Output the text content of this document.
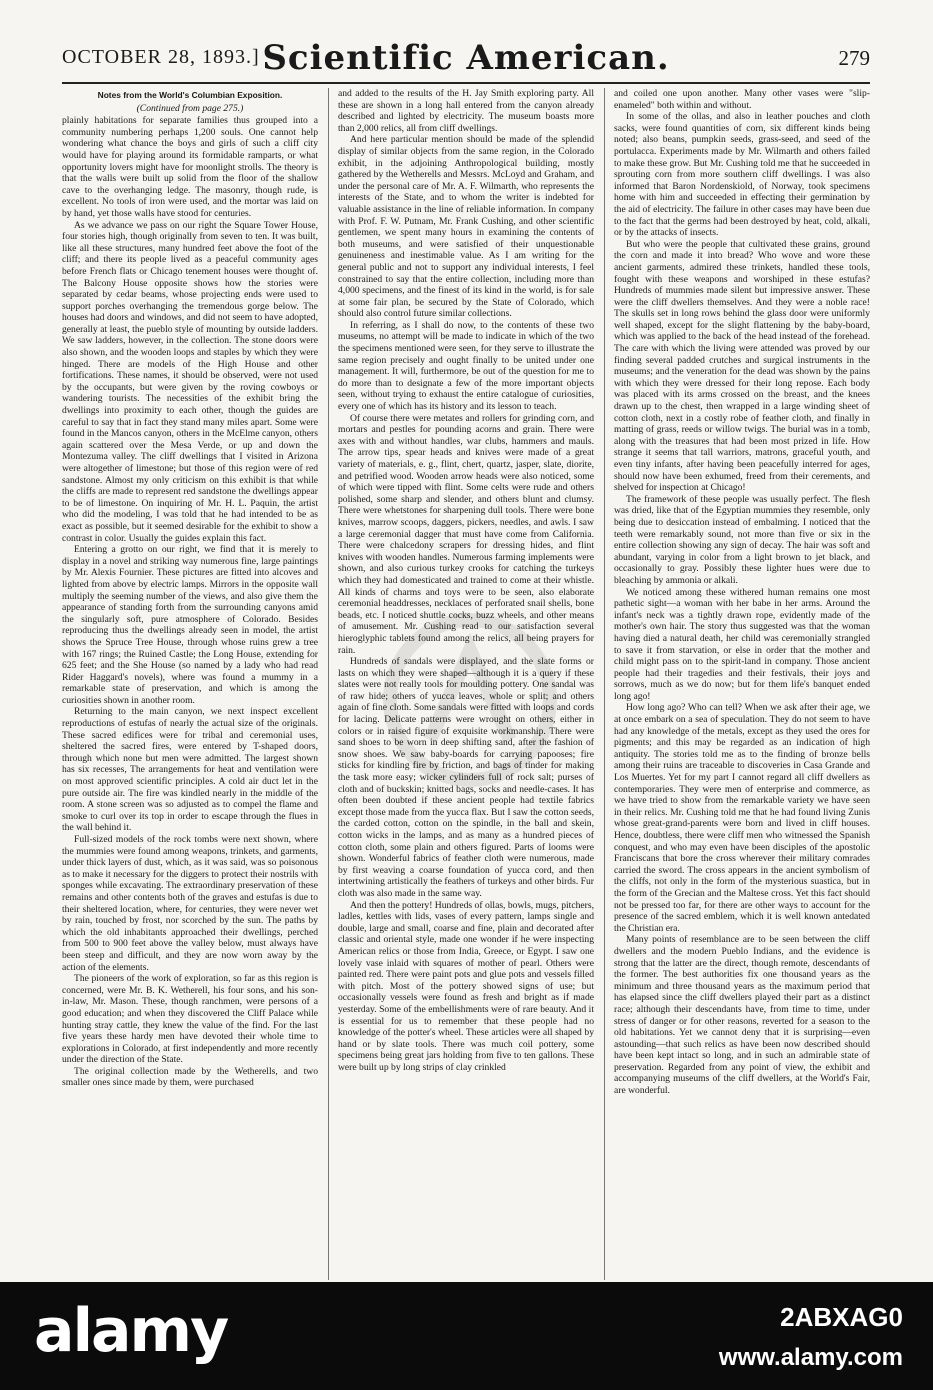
OCTOBER 28, 1893.] Scientific American.	279
Notes from the World's Columbian Exposition.
(Continued from page 275.)

plainly habitations for separate families thus grouped into a community numbering perhaps 1,200 souls. One cannot help wondering what chance the boys and girls of such a cliff city would have for playing around its formidable ramparts, or what opportunity lovers might have for moonlight strolls. The theory is that the walls were built up solid from the floor of the shallow cave to the overhanging ledge. The masonry, though rude, is excellent. No tools of iron were used, and the mortar was laid on by hand, yet those walls have stood for centuries.

As we advance we pass on our right the Square Tower House, four stories high, though originally from seven to ten. It was built, like all these structures, many hundred feet above the foot of the cliff; and there its people lived as a peaceful community ages before French flats or Chicago tenement houses were thought of. The Balcony House opposite shows how the stories were separated by cedar beams, whose projecting ends were used to support porches overhanging the tremendous gorge below. The houses had doors and windows, and did not seem to have adopted, generally at least, the pueblo style of mounting by outside ladders. We saw ladders, however, in the collection. The stone doors were also shown, and the wooden loops and staples by which they were hinged. There are models of the High House and other fortifications. These names, it should be observed, were not used by the occupants, but were given by the roving cowboys or wandering tourists. The necessities of the exhibit bring the dwellings into proximity to each other, though the guides are careful to say that in fact they stand many miles apart. Some were found in the Mancos canyon, others in the McElme canyon, others again scattered over the Mesa Verde, or up and down the Montezuma valley. The cliff dwellings that I visited in Arizona were altogether of limestone; but those of this region were of red sandstone. Almost my only criticism on this exhibit is that while the cliffs are made to represent red sandstone the dwellings appear to be of limestone. On inquiring of Mr. H. L. Paquin, the artist who did the modeling, I was told that he had intended to be as exact as possible, but it seemed desirable for the exhibit to show a contrast in color. Usually the guides explain this fact.

Entering a grotto on our right, we find that it is merely to display in a novel and striking way numerous fine, large paintings by Mr. Alexis Fournier. These pictures are fitted into alcoves and lighted from above by electric lamps. Mirrors in the opposite wall multiply the seeming number of the views, and also give them the appearance of standing forth from the surrounding canyons amid the singularly soft, pure atmosphere of Colorado. Besides reproducing thus the dwellings already seen in model, the artist shows the Spruce Tree House, through whose ruins grew a tree with 167 rings; the Ruined Castle; the Long House, extending for 625 feet; and the She House (so named by a lady who had read Rider Haggard's novels), where was found a mummy in a remarkable state of preservation, and which is among the curiosities shown in another room.

Returning to the main canyon, we next inspect excellent reproductions of estufas of nearly the actual size of the originals. These sacred edifices were for tribal and ceremonial uses, sheltered the sacred fires, were entered by T-shaped doors, through which none but men were admitted. The largest shown has six recesses, The arrangements for heat and ventilation were on most approved scientific principles. A cold air duct let in the pure outside air. The fire was kindled nearly in the middle of the room. A stone screen was so adjusted as to compel the flame and smoke to curl over its top in order to escape through the flues in the wall behind it.

Full-sized models of the rock tombs were next shown, where the mummies were found among weapons, trinkets, and garments, under thick layers of dust, which, as it was said, was so poisonous as to make it necessary for the diggers to protect their nostrils with sponges while excavating. The extraordinary preservation of these remains and other contents both of the graves and estufas is due to their sheltered location, where, for centuries, they were never wet by rain, touched by frost, nor scorched by the sun. The paths by which the old inhabitants approached their dwellings, perched from 500 to 900 feet above the valley below, must always have been steep and difficult, and they are now worn away by the action of the elements.

The pioneers of the work of exploration, so far as this region is concerned, were Mr. B. K. Wetherell, his four sons, and his son-in-law, Mr. Mason. These, though ranchmen, were persons of a good education; and when they discovered the Cliff Palace while hunting stray cattle, they knew the value of the find. For the last five years these hardy men have devoted their whole time to explorations in Colorado, at first independently and more recently under the direction of the State.

The original collection made by the Wetherells, and two smaller ones since made by them, were purchased

and added to the results of the H. Jay Smith exploring party. All these are shown in a long hall entered from the canyon already described and lighted by electricity. The museum boasts more than 2,000 relics, all from cliff dwellings.

And here particular mention should be made of the splendid display of similar objects from the same region, in the Colorado exhibit, in the adjoining Anthropological building, mostly gathered by the Wetherells and Messrs. McLoyd and Graham, and under the personal care of Mr. A. F. Wilmarth, who represents the interests of the State, and to whom the writer is indebted for valuable assistance in the line of reliable information. In company with Prof. F. W. Putnam, Mr. Frank Cushing, and other scientific gentlemen, we spent many hours in examining the contents of both museums, and were satisfied of their unquestionable genuineness and inestimable value. As I am writing for the general public and not to support any individual interests, I feel constrained to say that the entire collection, including more than 4,000 specimens, and the finest of its kind in the world, is for sale at some fair plan, be secured by the State of Colorado, which should also control future similar collections.

In referring, as I shall do now, to the contents of these two museums, no attempt will be made to indicate in which of the two the specimens mentioned were seen, for they serve to illustrate the same region precisely and ought finally to be united under one management. It will, furthermore, be out of the question for me to do more than to designate a few of the more important objects seen, without trying to exhaust the entire catalogue of curiosities, every one of which has its history and its lesson to teach.

Of course there were metates and rollers for grinding corn, and mortars and pestles for pounding acorns and grain. There were axes with and without handles, war clubs, hammers and mauls. The arrow tips, spear heads and knives were made of a great variety of materials, e. g., flint, chert, quartz, jasper, slate, diorite, and petrified wood. Wooden arrow heads were also noticed, some of which were tipped with flint. Some celts were rude and others polished, some sharp and slender, and others blunt and clumsy. There were whetstones for sharpening dull tools. There were bone knives, marrow scoops, daggers, pickers, needles, and awls. I saw a large ceremonial dagger that must have come from California. There were chalcedony scrapers for dressing hides, and flint knives with wooden handles. Numerous farming implements were shown, and also curious turkey crooks for catching the turkeys which they had domesticated and trained to come at their whistle. All kinds of charms and toys were to be seen, also elaborate ceremonial headdresses, necklaces of perforated snail shells, bone beads, etc. I noticed shuttle cocks, buzz wheels, and other means of amusement. Mr. Cushing read to our satisfaction several hieroglyphic tablets found among the relics, all being prayers for rain.

Hundreds of sandals were displayed, and the slate forms or lasts on which they were shaped—although it is a query if these slates were not really tools for moulding pottery. One sandal was of raw hide; others of yucca leaves, whole or split; and others again of fine cloth. Some sandals were fitted with loops and cords for lacing. Delicate patterns were wrought on others, either in colors or in raised figure of exquisite workmanship. There were sand shoes to be worn in deep shifting sand, after the fashion of snow shoes. We saw baby-boards for carrying papooses; fire sticks for kindling fire by friction, and bags of tinder for making the task more easy; wicker cylinders full of rock salt; purses of cloth and of buckskin; knitted bags, socks and needle-cases. It has often been doubted if these ancient people had textile fabrics except those made from the yucca flax. But I saw the cotton seeds, the carded cotton, cotton on the spindle, in the ball and skein, cotton wicks in the lamps, and as many as a hundred pieces of cotton cloth, some plain and others figured. Parts of looms were shown. Wonderful fabrics of feather cloth were numerous, made by first weaving a coarse foundation of yucca cord, and then intertwining artistically the feathers of turkeys and other birds. Fur cloth was also made in the same way.

And then the pottery! Hundreds of ollas, bowls, mugs, pitchers, ladles, kettles with lids, vases of every pattern, lamps single and double, large and small, coarse and fine, plain and decorated after classic and oriental style, made one wonder if he were inspecting American relics or those from India, Greece, or Egypt. I saw one lovely vase inlaid with squares of mother of pearl. Others were painted red. There were paint pots and glue pots and vessels filled with pitch. Most of the pottery showed signs of use; but occasionally vessels were found as fresh and bright as if made yesterday. Some of the embellishments were of rare beauty. And it is essential for us to remember that these people had no knowledge of the potter's wheel. These articles were all shaped by hand or by slate tools. There was much coil pottery, some specimens being great jars holding from five to ten gallons. These were built up by long strips of clay crinkled

and coiled one upon another. Many other vases were "slip-enameled" both within and without.

In some of the ollas, and also in leather pouches and cloth sacks, were found quantities of corn, six different kinds being noted; also beans, pumpkin seeds, grass-seed, and seed of the portulacca. Experiments made by Mr. Wilmarth and others failed to make these grow. But Mr. Cushing told me that he succeeded in sprouting corn from more southern cliff dwellings. I was also informed that Baron Nordenskiold, of Norway, took specimens home with him and succeeded in effecting their germination by the aid of electricity. The failure in other cases may have been due to the fact that the germs had been destroyed by heat, cold, alkali, or by the attacks of insects.

But who were the people that cultivated these grains, ground the corn and made it into bread? Who wove and wore these ancient garments, admired these trinkets, handled these tools, fought with these weapons and worshiped in these estufas? Hundreds of mummies made silent but impressive answer. These were the cliff dwellers themselves. And they were a noble race! The skulls set in long rows behind the glass door were uniformly well shaped, except for the slight flattening by the baby-board, which was applied to the back of the head instead of the forehead. The care with which the living were attended was proved by our finding several padded crutches and surgical instruments in the museums; and the veneration for the dead was shown by the pains with which they were dressed for their long repose. Each body was placed with its arms crossed on the breast, and the knees drawn up to the chest, then wrapped in a large winding sheet of cotton cloth, next in a costly robe of feather cloth, and finally in matting of grass, reeds or willow twigs. The burial was in a tomb, along with the treasures that had been most prized in life. How strange it seems that tall warriors, matrons, graceful youth, and even tiny infants, after having been peacefully interred for ages, should now have been exhumed, freed from their cerements, and shelved for inspection at Chicago!

The framework of these people was usually perfect. The flesh was dried, like that of the Egyptian mummies they resemble, only being due to desiccation instead of embalming. I noticed that the teeth were remarkably sound, not more than five or six in the entire collection showing any sign of decay. The hair was soft and abundant, varying in color from a light brown to jet black, and occasionally to gray. Possibly these lighter hues were due to bleaching by ammonia or alkali.

We noticed among these withered human remains one most pathetic sight—a woman with her babe in her arms. Around the infant's neck was a tightly drawn rope, evidently made of the mother's own hair. The story thus suggested was that the woman having died a natural death, her child was ceremonially strangled to save it from starvation, or else in order that the mother and child might pass on to the spirit-land in company. Those ancient people had their tragedies and their festivals, their joys and sorrows, much as we do now; but for them life's banquet ended long ago!

How long ago? Who can tell? When we ask after their age, we at once embark on a sea of speculation. They do not seem to have had any knowledge of the metals, except as they used the ores for pigments; and this may be regarded as an indication of high antiquity. The stories told me as to the finding of bronze bells among their ruins are traceable to discoveries in Casa Grande and Los Muertes. Yet for my part I cannot regard all cliff dwellers as contemporaries. They were men of enterprise and commerce, as we have tried to show from the remarkable variety we have seen in their relics. Mr. Cushing told me that he had found living Zunis whose great-grand-parents were born and lived in cliff houses. Hence, doubtless, there were cliff men who witnessed the Spanish conquest, and who may even have been disciples of the apostolic Franciscans that bore the cross wherever their military comrades carried the sword. The cross appears in the ancient symbolism of the cliffs, not only in the form of the mysterious suastica, but in the form of the Grecian and the Maltese cross. Yet this fact should not be pressed too far, for there are other ways to account for the presence of the sacred emblem, which it is well known antedated the Christian era.

Many points of resemblance are to be seen between the cliff dwellers and the modern Pueblo Indians, and the evidence is strong that the latter are the direct, though remote, descendants of the former. The best authorities fix one thousand years as the minimum and three thousand years as the maximum period that has elapsed since the cliff dwellers played their part as a distinct race; although their descendants have, from time to time, under stress of danger or for other reasons, reverted for a season to the old habitations. Yet we cannot deny that it is surprising—even astounding—that such relics as have been now described should have been kept intact so long, and in such an admirable state of preservation. Regarded from any point of view, the exhibit and accompanying museums of the cliff dwellers, at the World's Fair, are wonderful.

alamy	2ABXAG0
www.alamy.com
